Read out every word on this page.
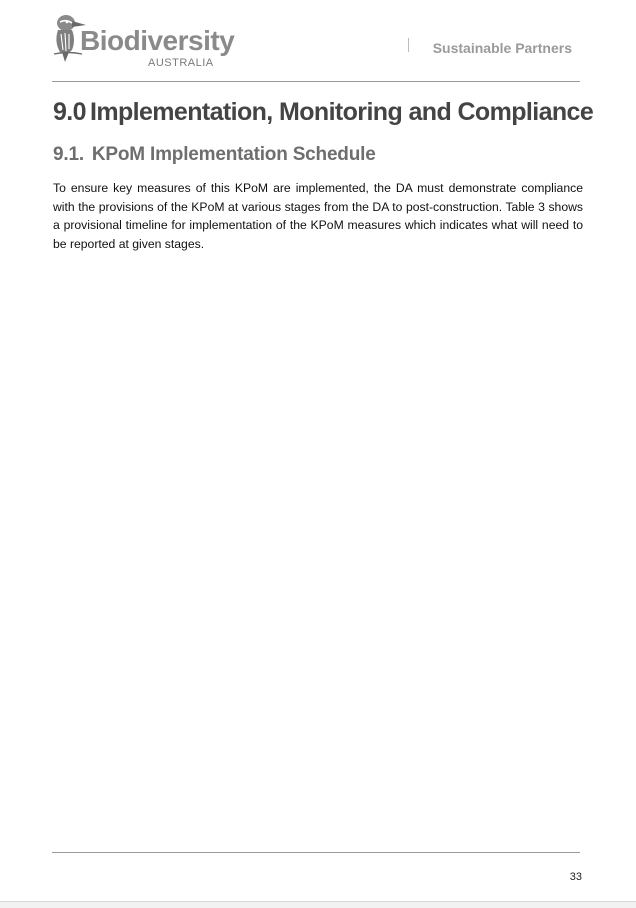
Biodiversity
AUSTRALIA
Sustainable Partners
9.0 Implementation, Monitoring and Compliance
9.1. KPoM Implementation Schedule

To ensure key measures of this KPoM are implemented, the DA must demonstrate compliance with the provisions of the KPoM at various stages from the DA to post-construction. Table 3 shows a provisional timeline for implementation of the KPoM measures which indicates what will need to be reported at given stages.

33
